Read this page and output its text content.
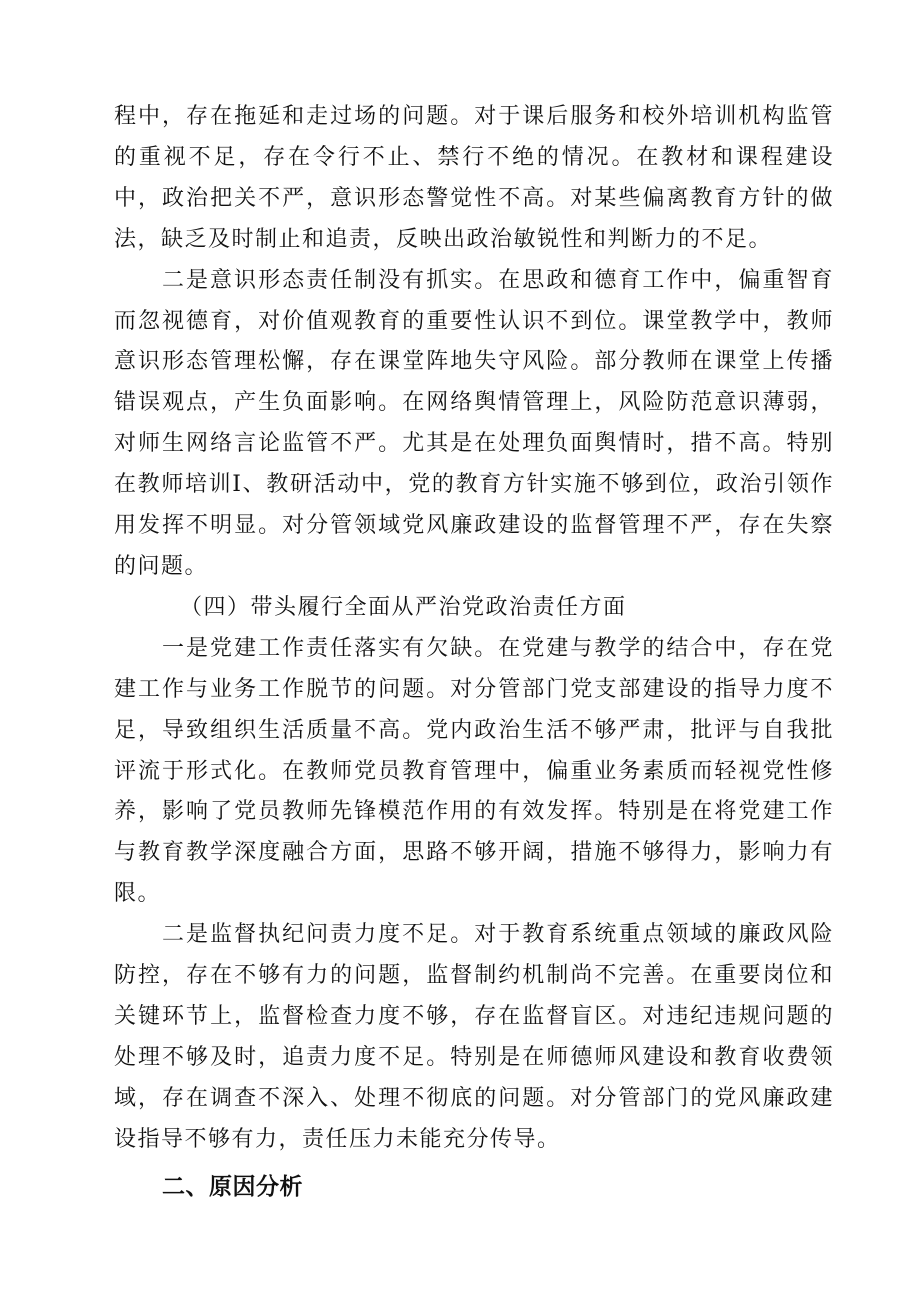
程中，存在拖延和走过场的问题。对于课后服务和校外培训机构监管的重视不足，存在令行不止、禁行不绝的情况。在教材和课程建设中，政治把关不严，意识形态警觉性不高。对某些偏离教育方针的做法，缺乏及时制止和追责，反映出政治敏锐性和判断力的不足。

二是意识形态责任制没有抓实。在思政和德育工作中，偏重智育而忽视德育，对价值观教育的重要性认识不到位。课堂教学中，教师意识形态管理松懈，存在课堂阵地失守风险。部分教师在课堂上传播错误观点，产生负面影响。在网络舆情管理上，风险防范意识薄弱，对师生网络言论监管不严。尤其是在处理负面舆情时，措不高。特别在教师培训I、教研活动中，党的教育方针实施不够到位，政治引领作用发挥不明显。对分管领域党风廉政建设的监督管理不严，存在失察的问题。

（四）带头履行全面从严治党政治责任方面

一是党建工作责任落实有欠缺。在党建与教学的结合中，存在党建工作与业务工作脱节的问题。对分管部门党支部建设的指导力度不足，导致组织生活质量不高。党内政治生活不够严肃，批评与自我批评流于形式化。在教师党员教育管理中，偏重业务素质而轻视党性修养，影响了党员教师先锋模范作用的有效发挥。特别是在将党建工作与教育教学深度融合方面，思路不够开阔，措施不够得力，影响力有限。

二是监督执纪问责力度不足。对于教育系统重点领域的廉政风险防控，存在不够有力的问题，监督制约机制尚不完善。在重要岗位和关键环节上，监督检查力度不够，存在监督盲区。对违纪违规问题的处理不够及时，追责力度不足。特别是在师德师风建设和教育收费领域，存在调查不深入、处理不彻底的问题。对分管部门的党风廉政建设指导不够有力，责任压力未能充分传导。

二、原因分析
